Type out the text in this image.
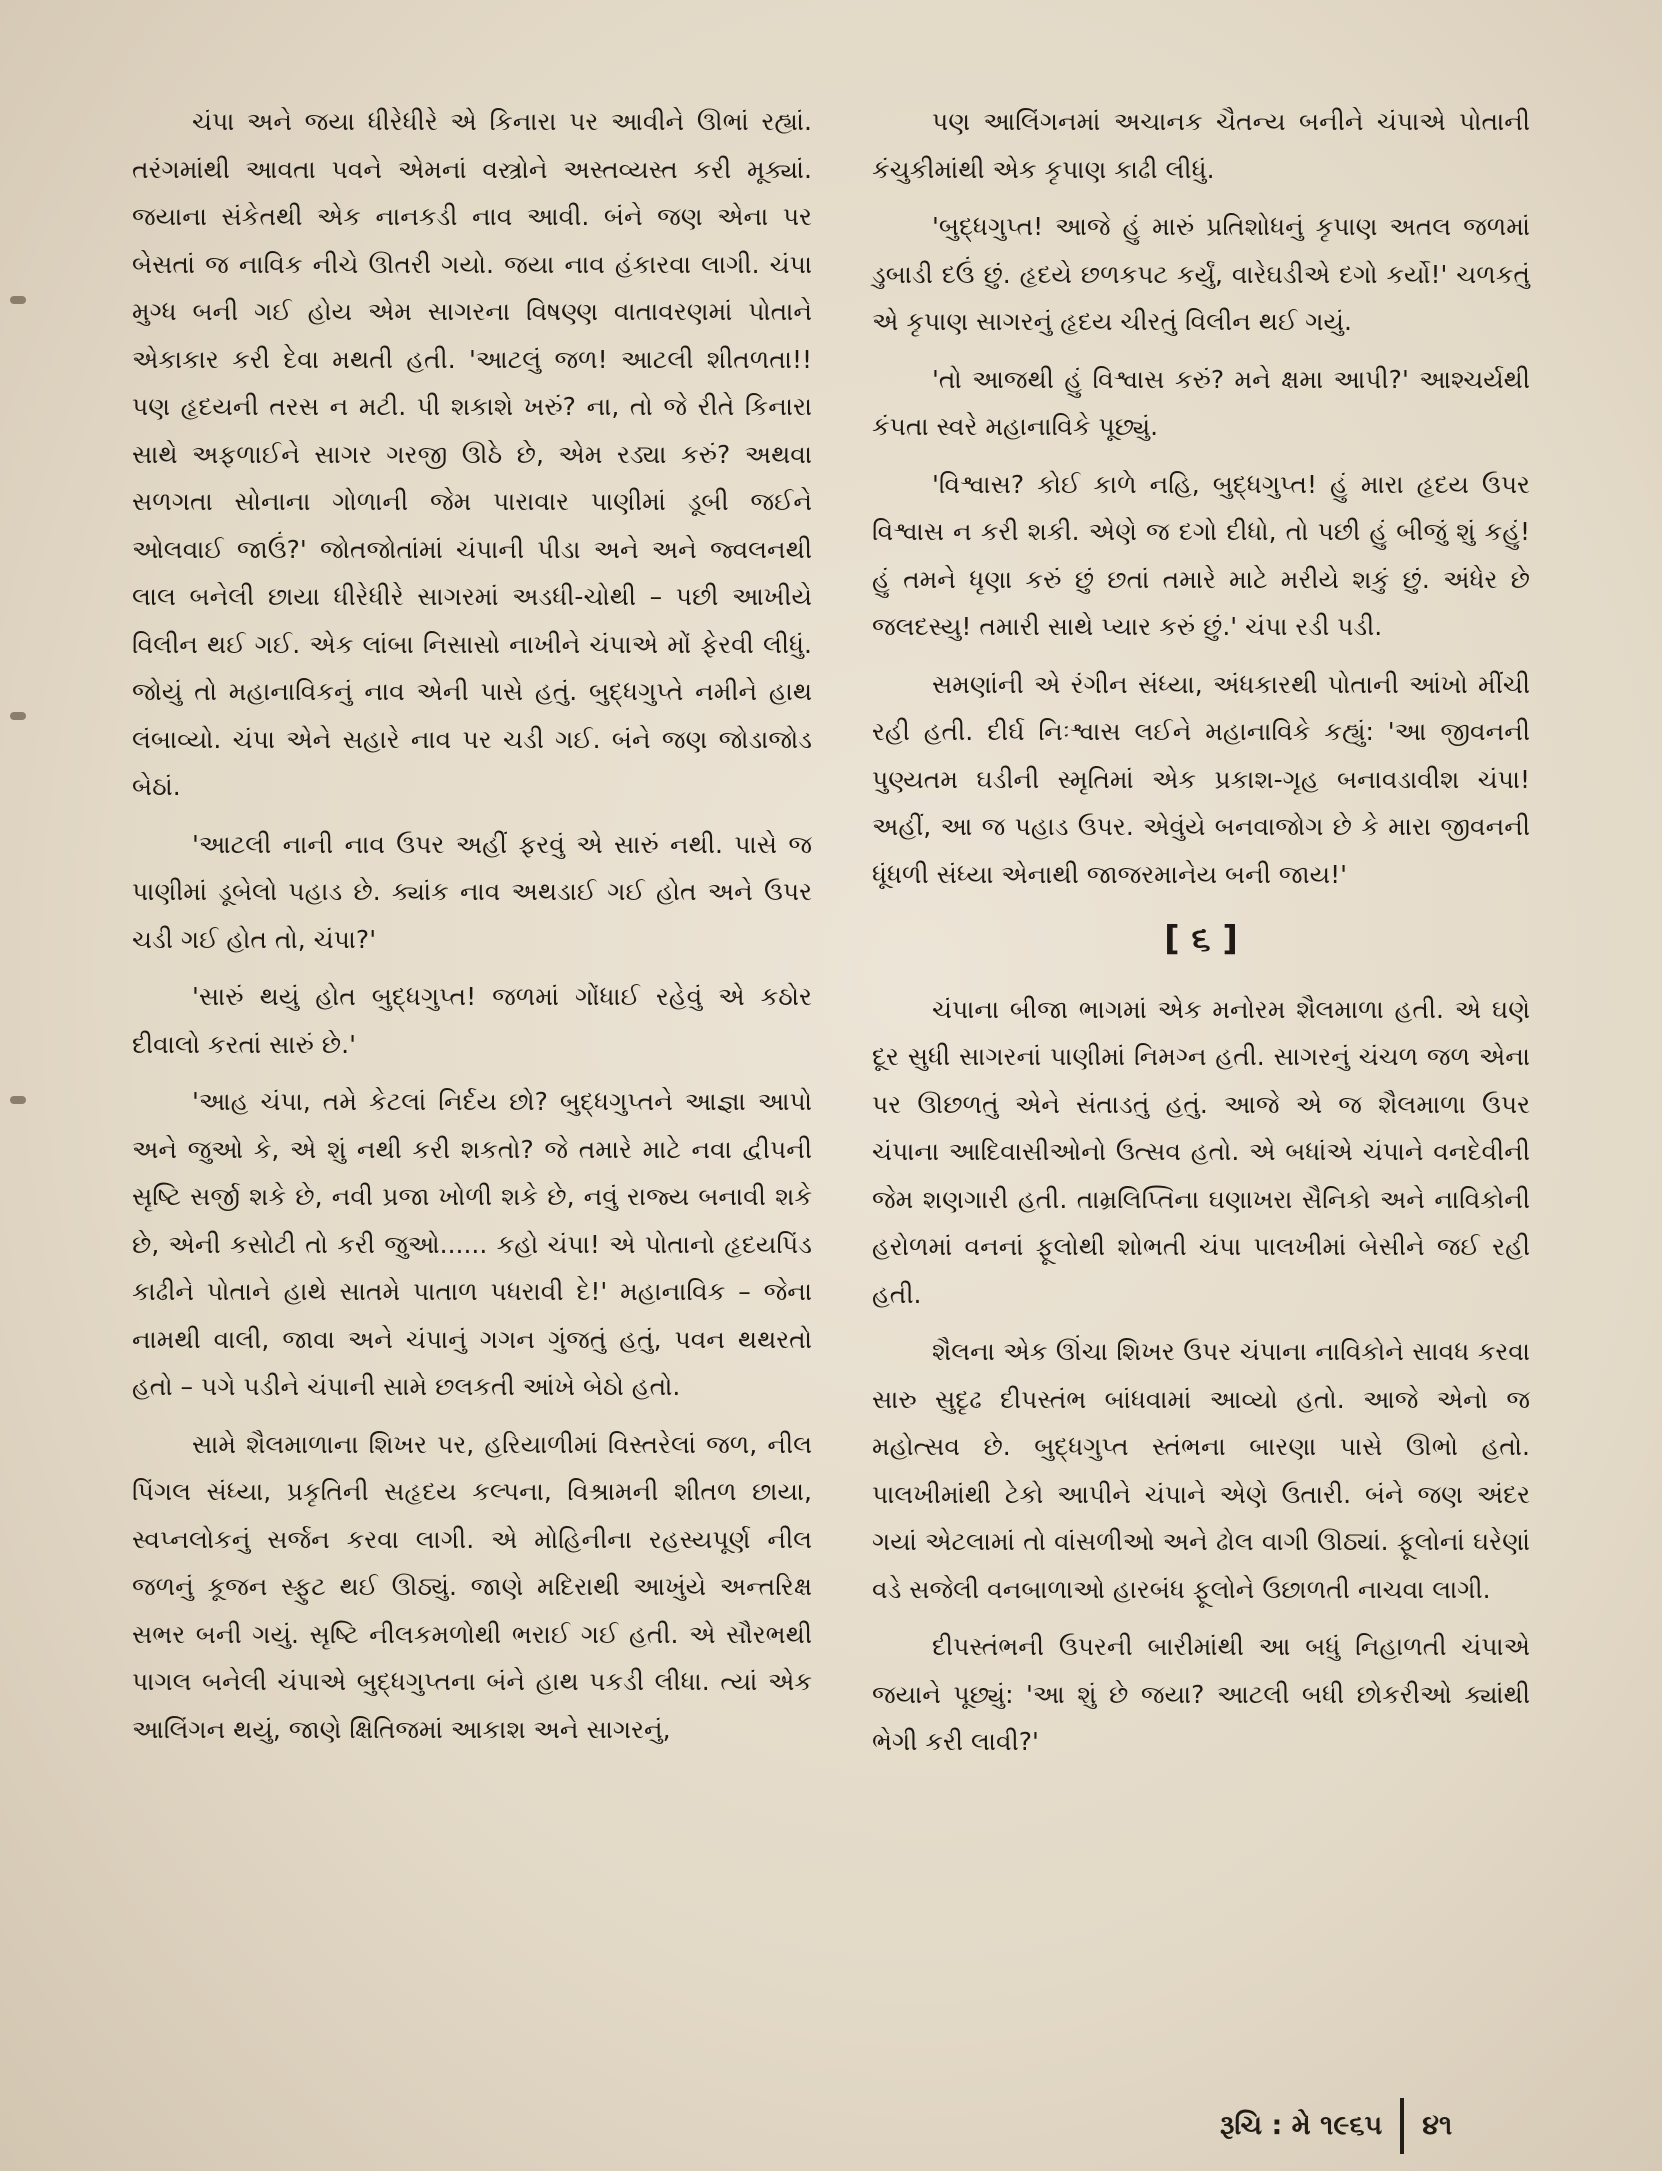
ચંપા અને જયા ધીરેધીરે એ કિનારા પર આવીને ઊભાં રહ્યાં. તરંગમાંથી આવતા પવને એમનાં વસ્ત્રોને અસ્તવ્યસ્ત કરી મૂક્યાં. જયાના સંકેતથી એક નાનકડી નાવ આવી. બંને જણ એના પર બેસતાં જ નાવિક નીચે ઊતરી ગયો. જયા નાવ હંકારવા લાગી. ચંપા મુગ્ધ બની ગઈ હોય એમ સાગરના વિષણ્ણ વાતાવરણમાં પોતાને એકાકાર કરી દેવા મથતી હતી. 'આટલું જળ! આટલી શીતળતા!! પણ હૃદયની તરસ ન મટી. પી શકાશે ખરું? ના, તો જે રીતે કિનારા સાથે અફળાઈને સાગર ગરજી ઊઠે છે, એમ રડ્યા કરું? અથવા સળગતા સોનાના ગોળાની જેમ પારાવાર પાણીમાં ડૂબી જઈને ઓલવાઈ જાઉં?' જોતજોતાંમાં ચંપાની પીડા અને અને જ્વલનથી લાલ બનેલી છાયા ધીરેધીરે સાગરમાં અડધી-ચોથી – પછી આખીયે વિલીન થઈ ગઈ. એક લાંબા નિસાસો નાખીને ચંપાએ મોં ફેરવી લીધું. જોયું તો મહાનાવિકનું નાવ એની પાસે હતું. બુદ્ધગુપ્તે નમીને હાથ લંબાવ્યો. ચંપા એને સહારે નાવ પર ચડી ગઈ. બંને જણ જોડાજોડ બેઠાં.

'આટલી નાની નાવ ઉપર અહીં ફરવું એ સારું નથી. પાસે જ પાણીમાં ડૂબેલો પહાડ છે. ક્યાંક નાવ અથડાઈ ગઈ હોત અને ઉપર ચડી ગઈ હોત તો, ચંપા?'

'સારું થયું હોત બુદ્ધગુપ્ત! જળમાં ગોંધાઈ રહેવું એ કઠોર દીવાલો કરતાં સારું છે.'

'આહ ચંપા, તમે કેટલાં નિર્દય છો? બુદ્ધગુપ્તને આજ્ઞા આપો અને જુઓ કે, એ શું નથી કરી શકતો? જે તમારે માટે નવા દ્વીપની સૃષ્ટિ સર્જી શકે છે, નવી પ્રજા ખોળી શકે છે, નવું રાજ્ય બનાવી શકે છે, એની કસોટી તો કરી જુઓ...... કહો ચંપા! એ પોતાનો હૃદયપિંડ કાઢીને પોતાને હાથે સાતમે પાતાળ પધરાવી દે!' મહાનાવિક – જેના નામથી વાલી, જાવા અને ચંપાનું ગગન ગુંજતું હતું, પવન થથરતો હતો – પગે પડીને ચંપાની સામે છલકતી આંખે બેઠો હતો.

સામે શૈલમાળાના શિખર પર, હરિયાળીમાં વિસ્તરેલાં જળ, નીલ પિંગલ સંધ્યા, પ્રકૃતિની સહૃદય કલ્પના, વિશ્રામની શીતળ છાયા, સ્વપ્નલોકનું સર્જન કરવા લાગી. એ મોહિનીના રહસ્યપૂર્ણ નીલ જળનું કૂજન સ્ફુટ થઈ ઊઠ્યું. જાણે મદિરાથી આખુંયે અન્તરિક્ષ સભર બની ગયું. સૃષ્ટિ નીલકમળોથી ભરાઈ ગઈ હતી. એ સૌરભથી પાગલ બનેલી ચંપાએ બુદ્ધગુપ્તના બંને હાથ પકડી લીધા. ત્યાં એક આલિંગન થયું, જાણે ક્ષિતિજમાં આકાશ અને સાગરનું,

પણ આલિંગનમાં અચાનક ચૈતન્ય બનીને ચંપાએ પોતાની કંચુકીમાંથી એક કૃપાણ કાઢી લીધું.

'બુદ્ધગુપ્ત! આજે હું મારું પ્રતિશોધનું કૃપાણ અતલ જળમાં ડુબાડી દઉં છું. હૃદયે છળકપટ કર્યું, વારેઘડીએ દગો કર્યો!' ચળકતું એ કૃપાણ સાગરનું હૃદય ચીરતું વિલીન થઈ ગયું.

'તો આજથી હું વિશ્વાસ કરું? મને ક્ષમા આપી?' આશ્ચર્યથી કંપતા સ્વરે મહાનાવિકે પૂછ્યું.

'વિશ્વાસ? કોઈ કાળે નહિ, બુદ્ધગુપ્ત! હું મારા હૃદય ઉપર વિશ્વાસ ન કરી શકી. એણે જ દગો દીધો, તો પછી હું બીજું શું કહું! હું તમને ધૃણા કરું છું છતાં તમારે માટે મરીયે શકું છું. અંધેર છે જલદસ્યુ! તમારી સાથે પ્યાર કરું છું.' ચંપા રડી પડી.

સમણાંની એ રંગીન સંધ્યા, અંધકારથી પોતાની આંખો મીંચી રહી હતી. દીર્ઘ નિઃશ્વાસ લઈને મહાનાવિકે કહ્યું: 'આ જીવનની પુણ્યતમ ઘડીની સ્મૃતિમાં એક પ્રકાશ-ગૃહ બનાવડાવીશ ચંપા! અહીં, આ જ પહાડ ઉપર. એવુંયે બનવાજોગ છે કે મારા જીવનની ધૂંધળી સંધ્યા એનાથી જાજરમાનેય બની જાય!'

[ ૬ ]

ચંપાના બીજા ભાગમાં એક મનોરમ શૈલમાળા હતી. એ ઘણે દૂર સુધી સાગરનાં પાણીમાં નિમગ્ન હતી. સાગરનું ચંચળ જળ એના પર ઊછળતું એને સંતાડતું હતું. આજે એ જ શૈલમાળા ઉપર ચંપાના આદિવાસીઓનો ઉત્સવ હતો. એ બધાંએ ચંપાને વનદેવીની જેમ શણગારી હતી. તામ્રલિપ્તિના ઘણાખરા સૈનિકો અને નાવિકોની હરોળમાં વનનાં ફૂલોથી શોભતી ચંપા પાલખીમાં બેસીને જઈ રહી હતી.

શૈલના એક ઊંચા શિખર ઉપર ચંપાના નાવિકોને સાવધ કરવા સારુ સુદૃઢ દીપસ્તંભ બાંધવામાં આવ્યો હતો. આજે એનો જ મહોત્સવ છે. બુદ્ધગુપ્ત સ્તંભના બારણા પાસે ઊભો હતો. પાલખીમાંથી ટેકો આપીને ચંપાને એણે ઉતારી. બંને જણ અંદર ગયાં એટલામાં તો વાંસળીઓ અને ઢોલ વાગી ઊઠ્યાં. ફૂલોનાં ઘરેણાં વડે સજેલી વનબાળાઓ હારબંધ ફૂલોને ઉછાળતી નાચવા લાગી.

દીપસ્તંભની ઉપરની બારીમાંથી આ બધું નિહાળતી ચંપાએ જયાને પૂછ્યું: 'આ શું છે જયા? આટલી બધી છોકરીઓ ક્યાંથી ભેગી કરી લાવી?'

રૂચિ : મે ૧૯૬૫ ૪૧
